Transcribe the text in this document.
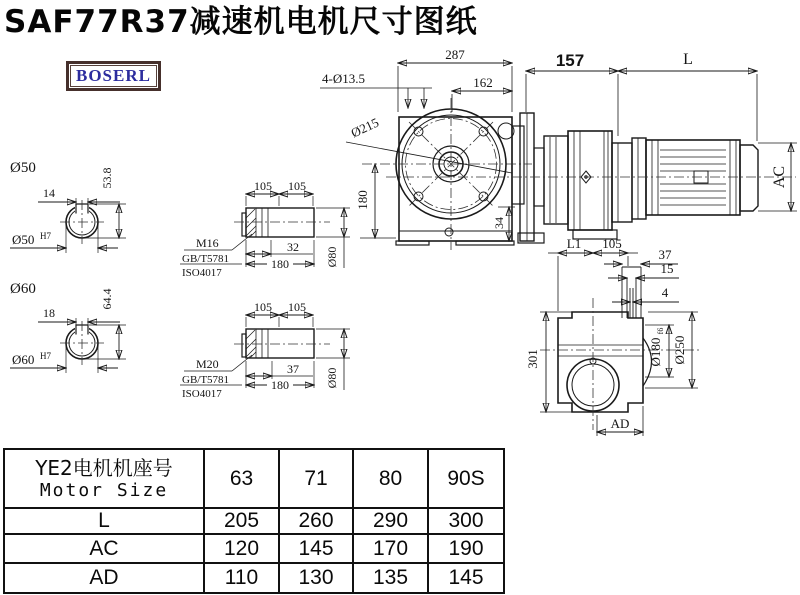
SAF77R37减速机电机尺寸图纸
BOSERL
287
162
157	L
AC
Ø215
4-Ø13.5
180
34
L1 105
37
15
4
301	Ø180
f6
Ø250
AD
105 105
32
180	Ø80
M16
GB/T5781
ISO4017
105 105
37
180	Ø80
M20
GB/T5781
ISO4017
Ø50
14
53.8
Ø50 H7
Ø60
18
64.4
Ø60 H7
YE2电机机座号
Motor Size	63	71	80	90S
L	205	260	290	300
AC	120	145	170	190
AD	110	130	135	145
